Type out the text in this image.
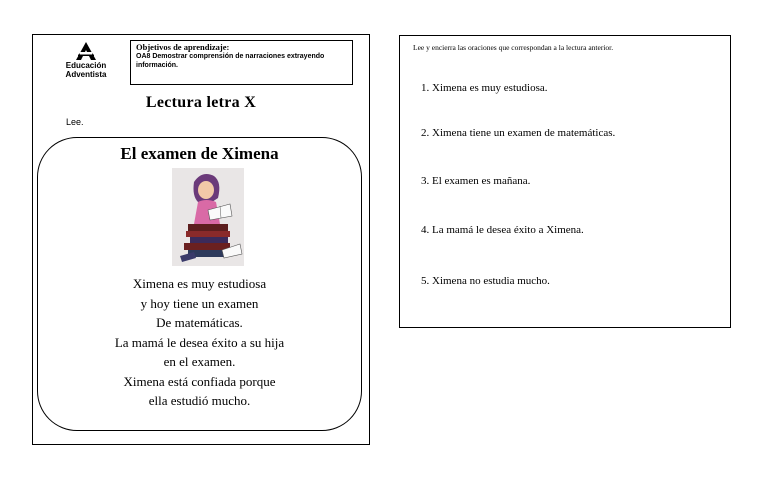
Educación
Adventista
Objetivos de aprendizaje:
OA8 Demostrar comprensión de narraciones extrayendo información.
Lectura letra X
Lee.
El examen de Ximena
Ximena es muy estudiosa
y hoy tiene un examen
De matemáticas.
La mamá le desea éxito a su hija
en el examen.
Ximena está confiada porque
ella estudió mucho.
Lee y encierra las oraciones que correspondan a la lectura anterior.
1. Ximena es muy estudiosa.
2. Ximena tiene un examen de matemáticas.
3. El examen es mañana.
4. La mamá le desea éxito a Ximena.
5. Ximena no estudia mucho.
